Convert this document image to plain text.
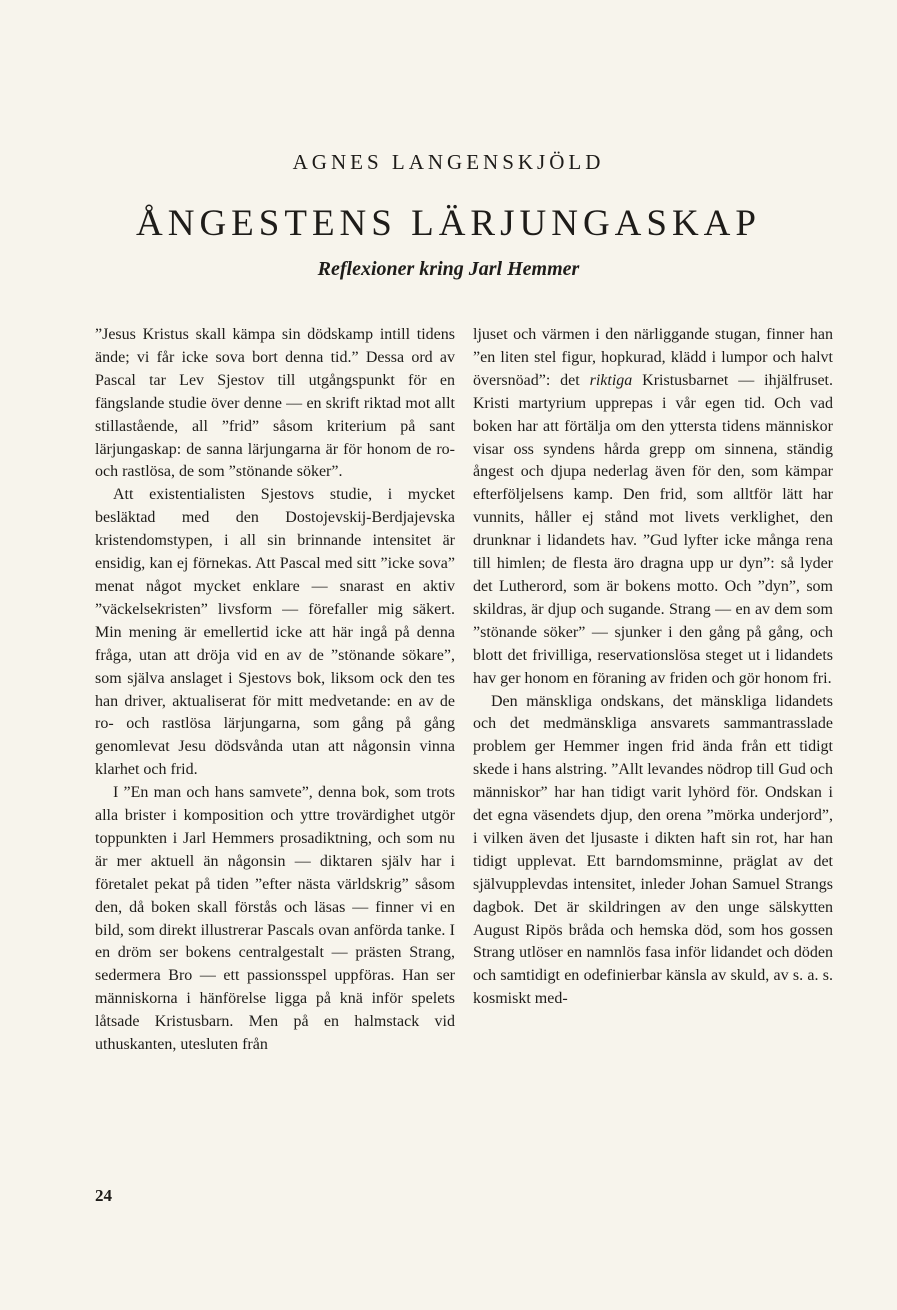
AGNES LANGENSKJÖLD
ÅNGESTENS LÄRJUNGASKAP
Reflexioner kring Jarl Hemmer

”Jesus Kristus skall kämpa sin dödskamp intill tidens ände; vi får icke sova bort denna tid.” Dessa ord av Pascal tar Lev Sjestov till utgångspunkt för en fängslande studie över denne — en skrift riktad mot allt stillastående, all ”frid” såsom kriterium på sant lärjungaskap: de sanna lärjungarna är för honom de ro- och rastlösa, de som ”stönande söker”.

Att existentialisten Sjestovs studie, i mycket besläktad med den Dostojevskij-Berdjajevska kristendomstypen, i all sin brinnande intensitet är ensidig, kan ej förnekas. Att Pascal med sitt ”icke sova” menat något mycket enklare — snarast en aktiv ”väckelsekristen” livsform — förefaller mig säkert. Min mening är emellertid icke att här ingå på denna fråga, utan att dröja vid en av de ”stönande sökare”, som själva anslaget i Sjestovs bok, liksom ock den tes han driver, aktualiserat för mitt medvetande: en av de ro- och rastlösa lärjungarna, som gång på gång genomlevat Jesu dödsvånda utan att någonsin vinna klarhet och frid.

I ”En man och hans samvete”, denna bok, som trots alla brister i komposition och yttre trovärdighet utgör toppunkten i Jarl Hemmers prosadiktning, och som nu är mer aktuell än någonsin — diktaren själv har i företalet pekat på tiden ”efter nästa världskrig” såsom den, då boken skall förstås och läsas — finner vi en bild, som direkt illustrerar Pascals ovan anförda tanke. I en dröm ser bokens centralgestalt — prästen Strang, sedermera Bro — ett passionsspel uppföras. Han ser människorna i hänförelse ligga på knä inför spelets låtsade Kristusbarn. Men på en halmstack vid uthuskanten, utesluten från

ljuset och värmen i den närliggande stugan, finner han ”en liten stel figur, hopkurad, klädd i lumpor och halvt översnöad”: det riktiga Kristusbarnet — ihjälfruset. Kristi martyrium upprepas i vår egen tid. Och vad boken har att förtälja om den yttersta tidens människor visar oss syndens hårda grepp om sinnena, ständig ångest och djupa nederlag även för den, som kämpar efterföljelsens kamp. Den frid, som alltför lätt har vunnits, håller ej stånd mot livets verklighet, den drunknar i lidandets hav. ”Gud lyfter icke många rena till himlen; de flesta äro dragna upp ur dyn”: så lyder det Lutherord, som är bokens motto. Och ”dyn”, som skildras, är djup och sugande. Strang — en av dem som ”stönande söker” — sjunker i den gång på gång, och blott det frivilliga, reservationslösa steget ut i lidandets hav ger honom en föraning av friden och gör honom fri.

Den mänskliga ondskans, det mänskliga lidandets och det medmänskliga ansvarets sammantrasslade problem ger Hemmer ingen frid ända från ett tidigt skede i hans alstring. ”Allt levandes nödrop till Gud och människor” har han tidigt varit lyhörd för. Ondskan i det egna väsendets djup, den orena ”mörka underjord”, i vilken även det ljusaste i dikten haft sin rot, har han tidigt upplevat. Ett barndomsminne, präglat av det självupplevdas intensitet, inleder Johan Samuel Strangs dagbok. Det är skildringen av den unge sälskytten August Ripös bråda och hemska död, som hos gossen Strang utlöser en namnlös fasa inför lidandet och döden och samtidigt en odefinierbar känsla av skuld, av s. a. s. kosmiskt med-

24
